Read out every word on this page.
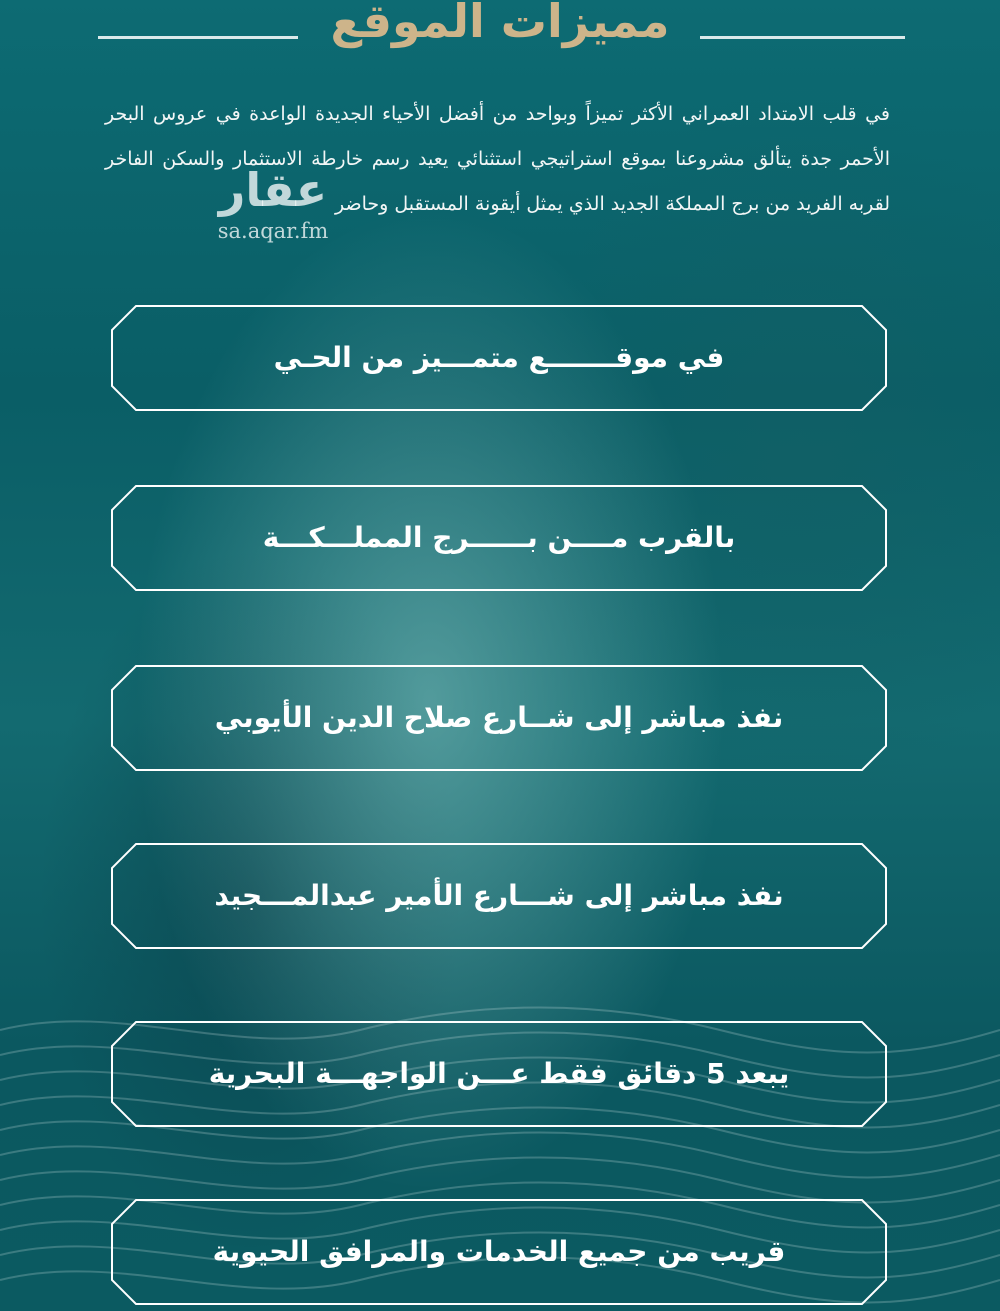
مميزات الموقع
في قلب الامتداد العمراني الأكثر تميزاً وبواحد من أفضل الأحياء الجديدة الواعدة في عروس البحر الأحمر جدة يتألق مشروعنا بموقع استراتيجي استثنائي يعيد رسم خارطة الاستثمار والسكن الفاخر لقربه الفريد من برج المملكة الجديد الذي يمثل أيقونة المستقبل وحاضر
عقار
sa.aqar.fm
في موقـــــــع متمـــيز من الحـي
بالقرب مــــن بــــــرج المملـــكـــة
نفذ مباشر إلى شــارع صلاح الدين الأيوبي
نفذ مباشر إلى شـــارع الأمير عبدالمـــجيد
يبعد 5 دقائق فقط عـــن الواجهـــة البحرية
قريب من جميع الخدمات والمرافق الحيوية
